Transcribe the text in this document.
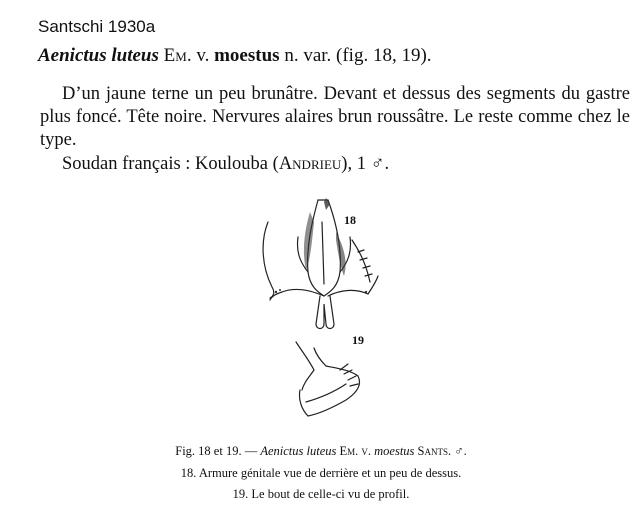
Santschi 1930a
Aenictus luteus Em. v. moestus n. var. (fig. 18, 19).
D’un jaune terne un peu brunâtre. Devant et dessus des segments du gastre plus foncé. Tête noire. Nervures alaires brun roussâtre. Le reste comme chez le type.
Soudan français : Koulouba (Andrieu), 1 ♂.
18
19
Fig. 18 et 19. — Aenictus luteus Em. v. moestus Sants. ♂.
18. Armure génitale vue de derrière et un peu de dessus.
19. Le bout de celle-ci vu de profil.
